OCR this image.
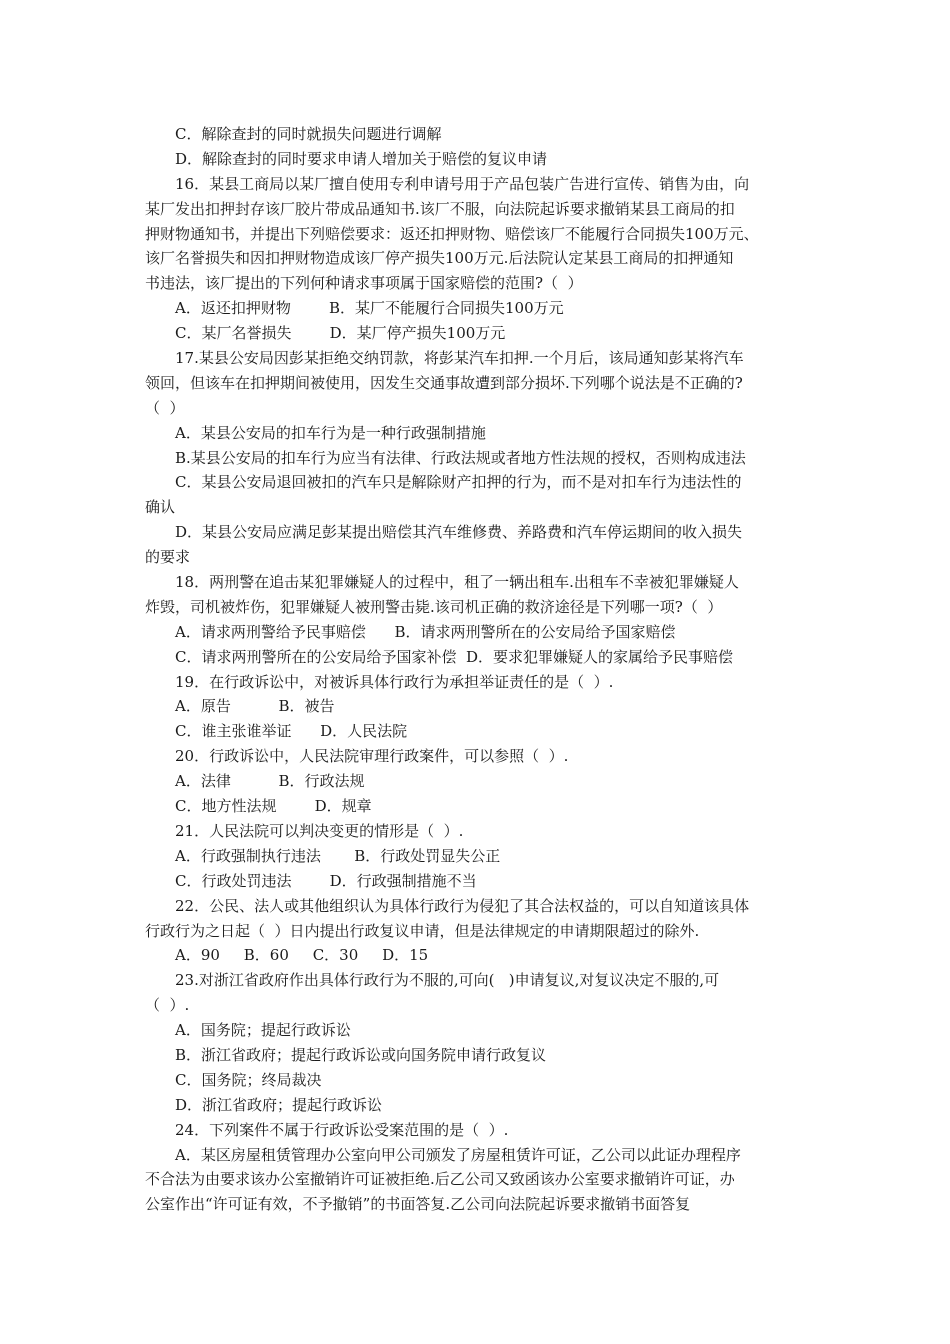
C．解除查封的同时就损失问题进行调解
D．解除查封的同时要求申请人增加关于赔偿的复议申请
16．某县工商局以某厂擅自使用专利申请号用于产品包装广告进行宣传、销售为由，向
某厂发出扣押封存该厂胶片带成品通知书.该厂不服，向法院起诉要求撤销某县工商局的扣
押财物通知书，并提出下列赔偿要求：返还扣押财物、赔偿该厂不能履行合同损失100万元、
该厂名誉损失和因扣押财物造成该厂停产损失100万元.后法院认定某县工商局的扣押通知
书违法，该厂提出的下列何种请求事项属于国家赔偿的范围?（  ）
A．返还扣押财物        B．某厂不能履行合同损失100万元
C．某厂名誉损失        D．某厂停产损失100万元
17.某县公安局因彭某拒绝交纳罚款，将彭某汽车扣押.一个月后，该局通知彭某将汽车
领回，但该车在扣押期间被使用，因发生交通事故遭到部分损坏.下列哪个说法是不正确的?
（  ）
A．某县公安局的扣车行为是一种行政强制措施
B.某县公安局的扣车行为应当有法律、行政法规或者地方性法规的授权，否则构成违法
C．某县公安局退回被扣的汽车只是解除财产扣押的行为，而不是对扣车行为违法性的
确认
D．某县公安局应满足彭某提出赔偿其汽车维修费、养路费和汽车停运期间的收入损失
的要求
18．两刑警在追击某犯罪嫌疑人的过程中，租了一辆出租车.出租车不幸被犯罪嫌疑人
炸毁，司机被炸伤，犯罪嫌疑人被刑警击毙.该司机正确的救济途径是下列哪一项?（  ）
A．请求两刑警给予民事赔偿      B．请求两刑警所在的公安局给予国家赔偿
C．请求两刑警所在的公安局给予国家补偿  D．要求犯罪嫌疑人的家属给予民事赔偿
19．在行政诉讼中，对被诉具体行政行为承担举证责任的是（  ）.
A．原告          B．被告
C．谁主张谁举证      D．人民法院
20．行政诉讼中，人民法院审理行政案件，可以参照（  ）.
A．法律          B．行政法规
C．地方性法规        D．规章
21．人民法院可以判决变更的情形是（  ）.
A．行政强制执行违法       B．行政处罚显失公正
C．行政处罚违法        D．行政强制措施不当
22．公民、法人或其他组织认为具体行政行为侵犯了其合法权益的，可以自知道该具体
行政行为之日起（  ）日内提出行政复议申请，但是法律规定的申请期限超过的除外.
A．90     B．60     C．30     D．15
23.对浙江省政府作出具体行政行为不服的,可向(   )申请复议,对复议决定不服的,可
（  ）.
A．国务院；提起行政诉讼
B．浙江省政府；提起行政诉讼或向国务院申请行政复议
C．国务院；终局裁决
D．浙江省政府；提起行政诉讼
24．下列案件不属于行政诉讼受案范围的是（  ）.
A．某区房屋租赁管理办公室向甲公司颁发了房屋租赁许可证，乙公司以此证办理程序
不合法为由要求该办公室撤销许可证被拒绝.后乙公司又致函该办公室要求撤销许可证，办
公室作出“许可证有效，不予撤销”的书面答复.乙公司向法院起诉要求撤销书面答复
